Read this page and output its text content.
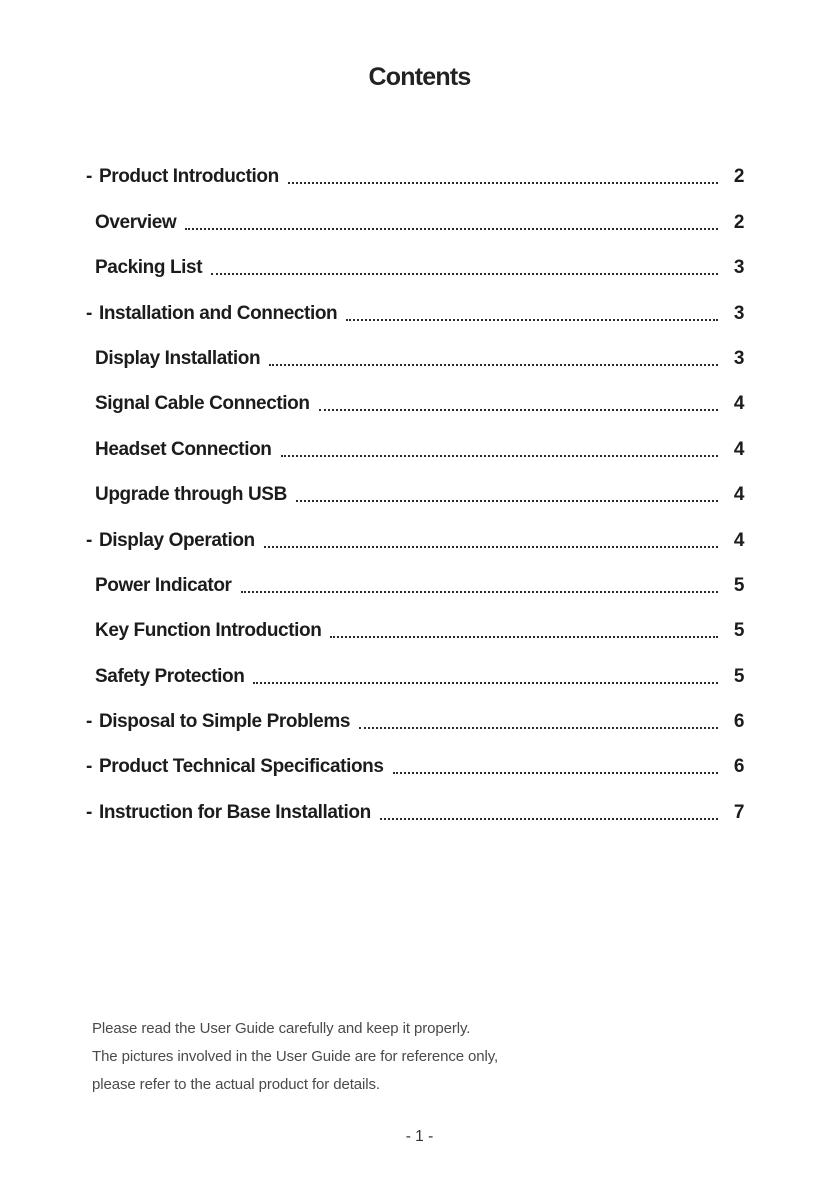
Contents
- Product Introduction	2
Overview	2
Packing List	3
- Installation and Connection	3
Display Installation	3
Signal Cable Connection	4
Headset Connection	4
Upgrade through USB	4
- Display Operation	4
Power Indicator	5
Key Function Introduction	5
Safety Protection	5
- Disposal to Simple Problems	6
- Product Technical Specifications	6
- Instruction for Base Installation	7
Please read the User Guide carefully and keep it properly.
The pictures involved in the User Guide are for reference only,
please refer to the actual product for details.
- 1 -
